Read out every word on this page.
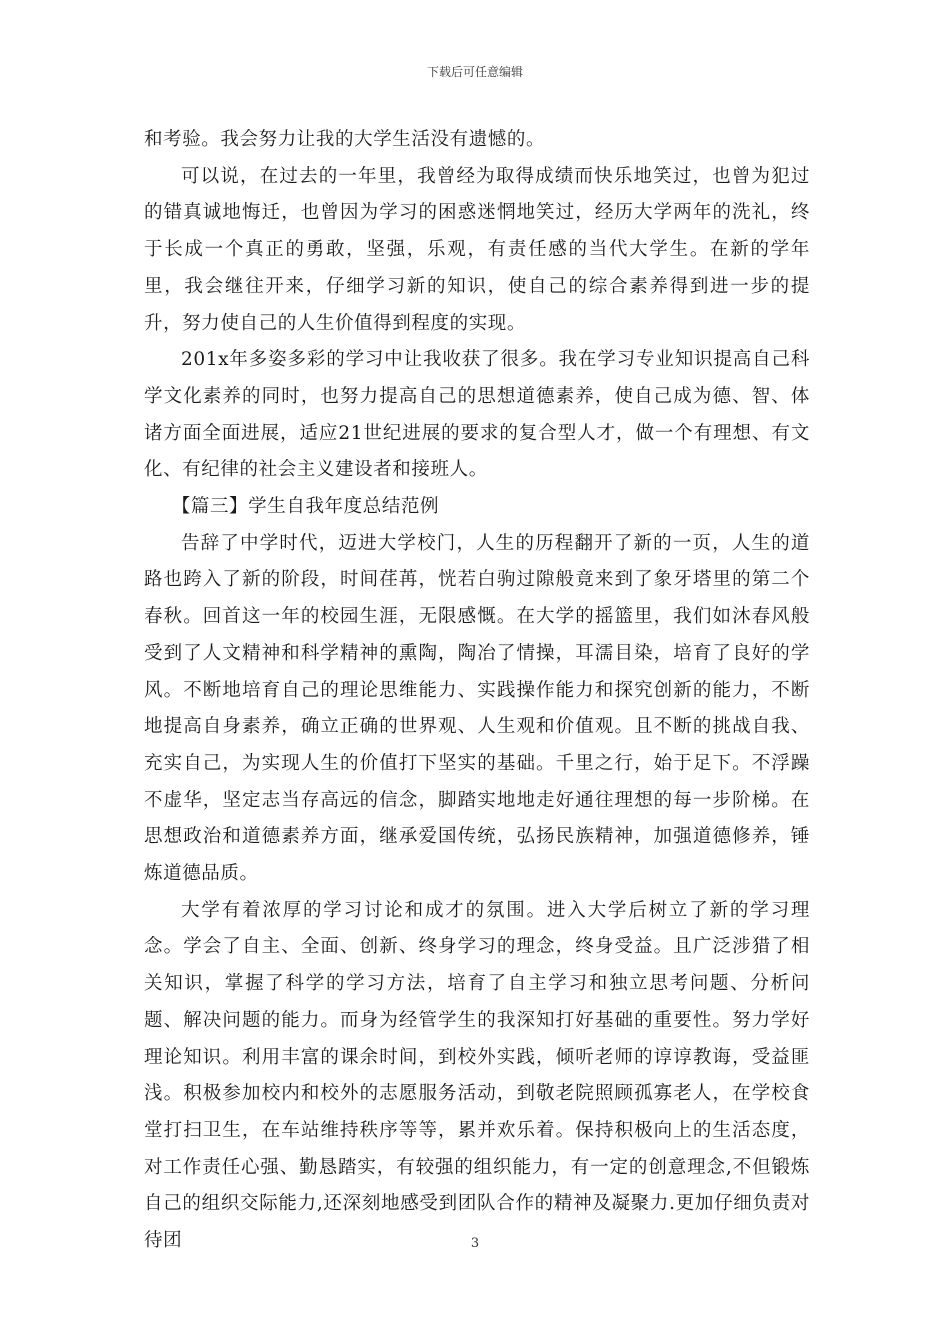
下载后可任意编辑

和考验。我会努力让我的大学生活没有遗憾的。

可以说，在过去的一年里，我曾经为取得成绩而快乐地笑过，也曾为犯过的错真诚地悔迁，也曾因为学习的困惑迷惘地笑过，经历大学两年的洗礼，终于长成一个真正的勇敢，坚强，乐观，有责任感的当代大学生。在新的学年里，我会继往开来，仔细学习新的知识，使自己的综合素养得到进一步的提升，努力使自己的人生价值得到程度的实现。

201x年多姿多彩的学习中让我收获了很多。我在学习专业知识提高自己科学文化素养的同时，也努力提高自己的思想道德素养，使自己成为德、智、体诸方面全面进展，适应21世纪进展的要求的复合型人才，做一个有理想、有文化、有纪律的社会主义建设者和接班人。

【篇三】学生自我年度总结范例

告辞了中学时代，迈进大学校门，人生的历程翻开了新的一页，人生的道路也跨入了新的阶段，时间荏苒，恍若白驹过隙般竟来到了象牙塔里的第二个春秋。回首这一年的校园生涯，无限感慨。在大学的摇篮里，我们如沐春风般受到了人文精神和科学精神的熏陶，陶冶了情操，耳濡目染，培育了良好的学风。不断地培育自己的理论思维能力、实践操作能力和探究创新的能力，不断地提高自身素养，确立正确的世界观、人生观和价值观。且不断的挑战自我、充实自己，为实现人生的价值打下坚实的基础。千里之行，始于足下。不浮躁不虚华，坚定志当存高远的信念，脚踏实地地走好通往理想的每一步阶梯。在思想政治和道德素养方面，继承爱国传统，弘扬民族精神，加强道德修养，锤炼道德品质。

大学有着浓厚的学习讨论和成才的氛围。进入大学后树立了新的学习理念。学会了自主、全面、创新、终身学习的理念，终身受益。且广泛涉猎了相关知识，掌握了科学的学习方法，培育了自主学习和独立思考问题、分析问题、解决问题的能力。而身为经管学生的我深知打好基础的重要性。努力学好理论知识。利用丰富的课余时间，到校外实践，倾听老师的谆谆教诲，受益匪浅。积极参加校内和校外的志愿服务活动，到敬老院照顾孤寡老人，在学校食堂打扫卫生，在车站维持秩序等等，累并欢乐着。保持积极向上的生活态度，对工作责任心强、勤恳踏实，有较强的组织能力，有一定的创意理念,不但锻炼自己的组织交际能力,还深刻地感受到团队合作的精神及凝聚力.更加仔细负责对待团	3
